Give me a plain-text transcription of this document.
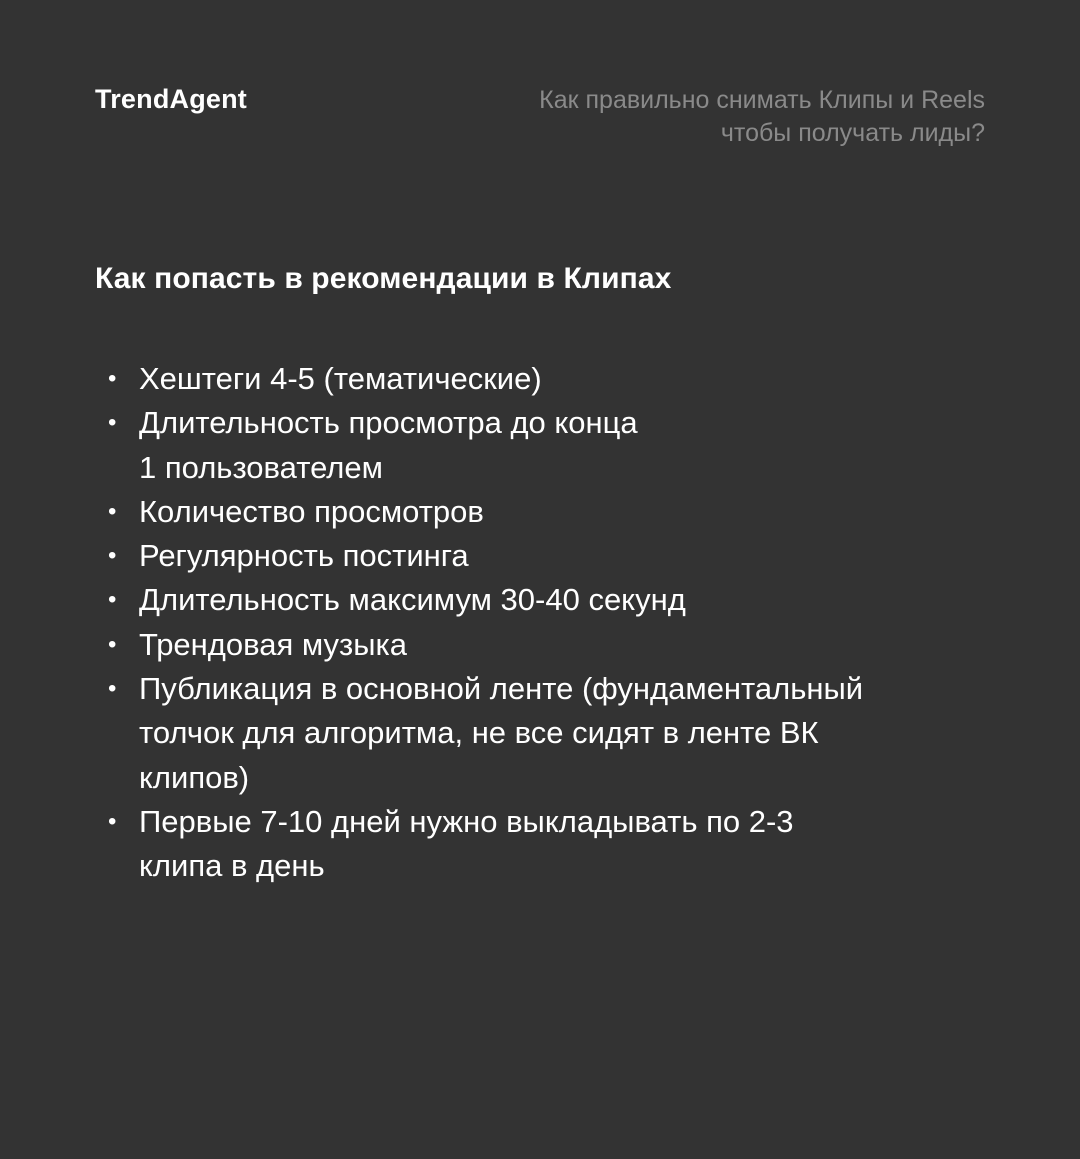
TrendAgent	Как правильно снимать Клипы и Reels
чтобы получать лиды?
Как попасть в рекомендации в Клипах
• Хештеги 4-5 (тематические)
• Длительность просмотра до конца
1 пользователем
• Количество просмотров
• Регулярность постинга
• Длительность максимум 30-40 секунд
• Трендовая музыка
• Публикация в основной ленте (фундаментальный
толчок для алгоритма, не все сидят в ленте ВК
клипов)
• Первые 7-10 дней нужно выкладывать по 2-3
клипа в день
